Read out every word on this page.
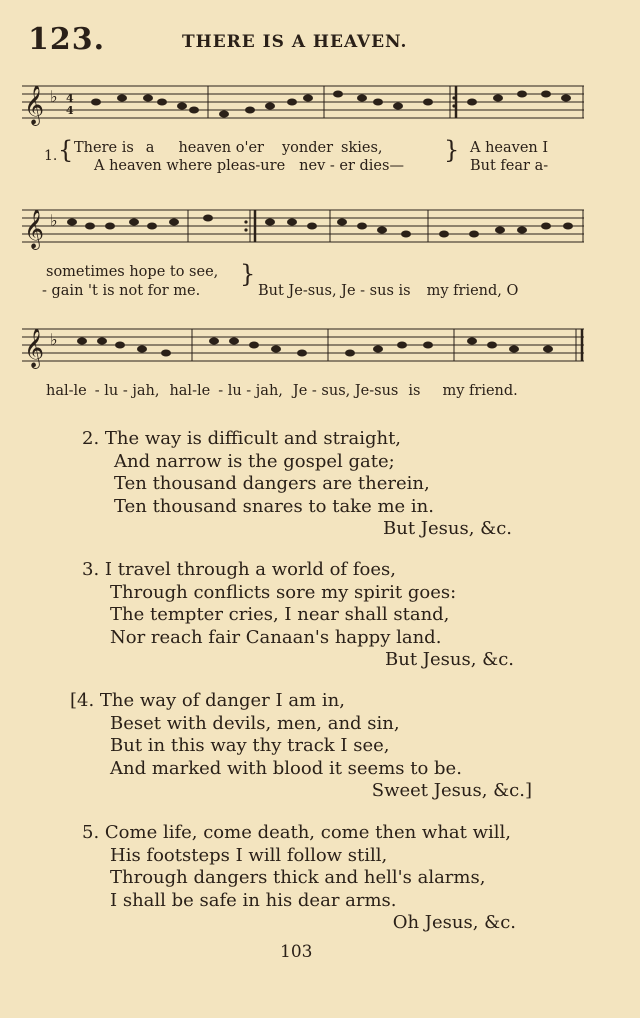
123.	THERE IS A HEAVEN.
𝄞 ♭ 4
4
1. { There is a heaven o'er yonder skies,
A heaven where pleas-ure nev - er dies—
} A heaven I
But fear a-
𝄞 ♭
sometimes hope to see,
- gain 't is not for me.
}
But Je-sus, Je - sus is my friend, O
𝄞 ♭
hal-le - lu - jah, hal-le - lu - jah, Je - sus, Je-sus is my friend.
2. The way is difficult and straight,
And narrow is the gospel gate;
Ten thousand dangers are therein,
Ten thousand snares to take me in.
But Jesus, &c.
3. I travel through a world of foes,
Through conflicts sore my spirit goes:
The tempter cries, I near shall stand,
Nor reach fair Canaan's happy land.
But Jesus, &c.
[4. The way of danger I am in,
Beset with devils, men, and sin,
But in this way thy track I see,
And marked with blood it seems to be.
Sweet Jesus, &c.]
5. Come life, come death, come then what will,
His footsteps I will follow still,
Through dangers thick and hell's alarms,
I shall be safe in his dear arms.
Oh Jesus, &c.
103
